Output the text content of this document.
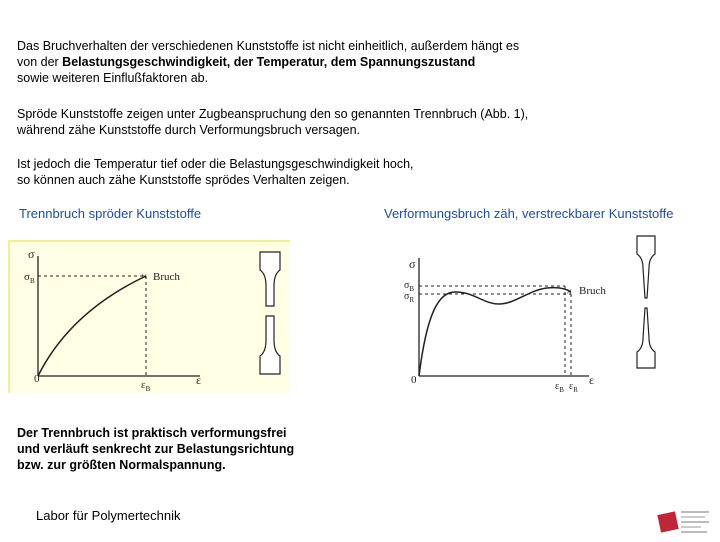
Das Bruchverhalten der verschiedenen Kunststoffe ist nicht einheitlich, außerdem hängt es
von der Belastungsgeschwindigkeit, der Temperatur, dem Spannungszustand
sowie weiteren Einflußfaktoren ab.

Spröde Kunststoffe zeigen unter Zugbeanspruchung den so genannten Trennbruch (Abb. 1),
während zähe Kunststoffe durch Verformungsbruch versagen.

Ist jedoch die Temperatur tief oder die Belastungsgeschwindigkeit hoch,
so können auch zähe Kunststoffe sprödes Verhalten zeigen.

Trennbruch spröder Kunststoffe	Verformungsbruch zäh, verstreckbarer Kunststoffe
×
σ
$\sigma_B$	Bruch
0	$\varepsilon_B$
ε
×
σ
$\sigma_B$
$\sigma_R$
Bruch
0
$\varepsilon_B$ $\varepsilon_R$
ε
Der Trennbruch ist praktisch verformungsfrei
und verläuft senkrecht zur Belastungsrichtung
bzw. zur größten Normalspannung.
Labor für Polymertechnik
